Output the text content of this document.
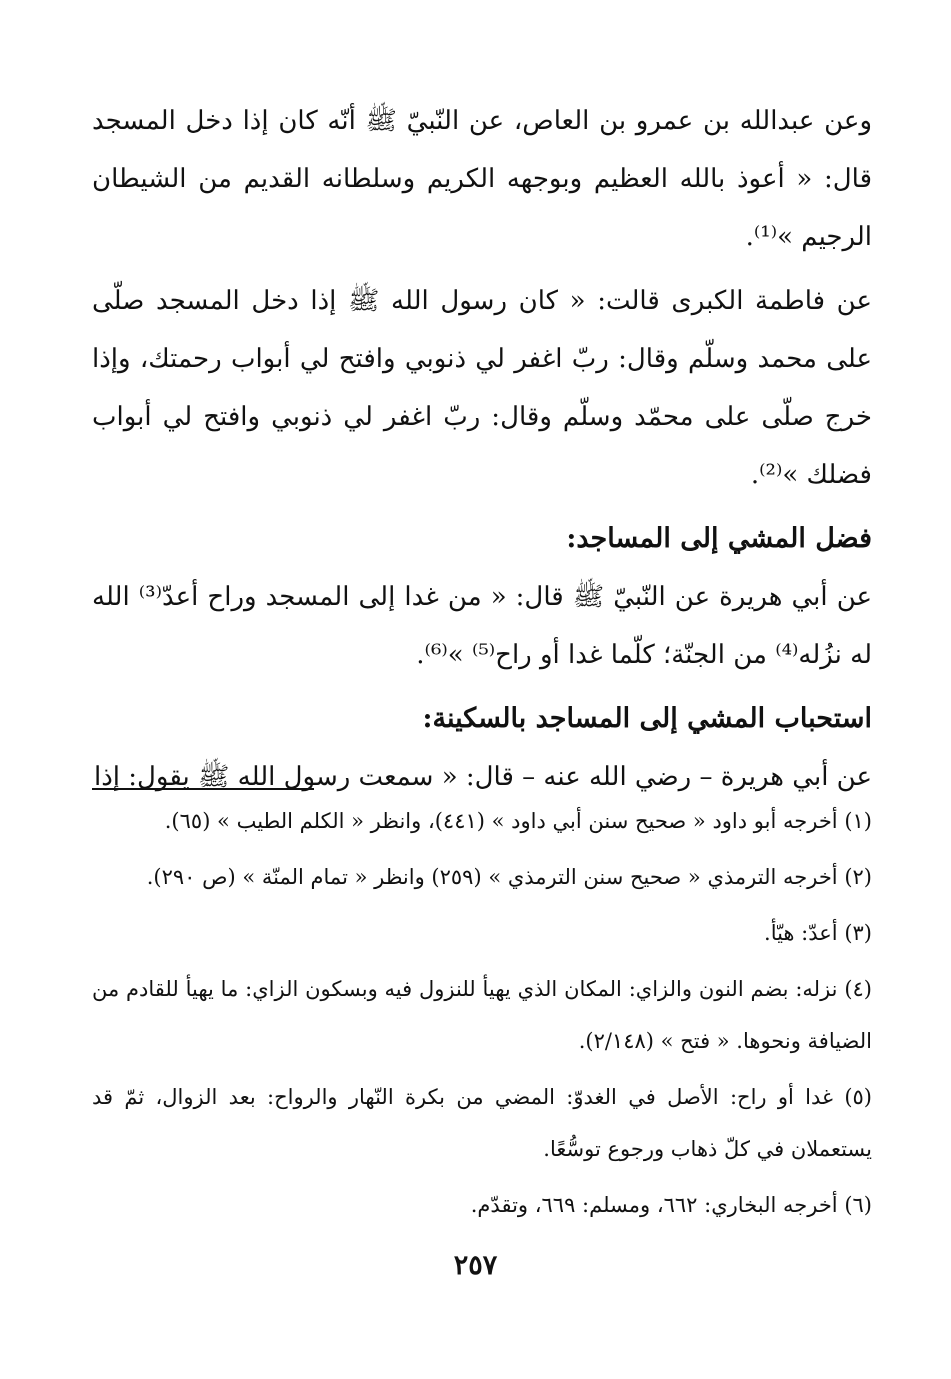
وعن عبدالله بن عمرو بن العاص، عن النّبيّ ﷺ أنّه كان إذا دخل المسجد قال: « أعوذ بالله العظيم وبوجهه الكريم وسلطانه القديم من الشيطان الرجيم »⁽¹⁾.

عن فاطمة الكبرى قالت: « كان رسول الله ﷺ إذا دخل المسجد صلّى على محمد وسلّم وقال: ربّ اغفر لي ذنوبي وافتح لي أبواب رحمتك، وإذا خرج صلّى على محمّد وسلّم وقال: ربّ اغفر لي ذنوبي وافتح لي أبواب فضلك »⁽²⁾.

فضل المشي إلى المساجد:

عن أبي هريرة عن النّبيّ ﷺ قال: « من غدا إلى المسجد وراح أعدّ⁽³⁾ الله له نزُله⁽⁴⁾ من الجنّة؛ كلّما غدا أو راح⁽⁵⁾ »⁽⁶⁾.

استحباب المشي إلى المساجد بالسكينة:

عن أبي هريرة – رضي الله عنه – قال: « سمعت رسول الله ﷺ يقول: إذا

(١) أخرجه أبو داود « صحيح سنن أبي داود » (٤٤١)، وانظر « الكلم الطيب » (٦٥).

(٢) أخرجه الترمذي « صحيح سنن الترمذي » (٢٥٩) وانظر « تمام المنّة » (ص ٢٩٠).

(٣) أعدّ: هيّأ.

(٤) نزله: بضم النون والزاي: المكان الذي يهيأ للنزول فيه وبسكون الزاي: ما يهيأ للقادم من الضيافة ونحوها. « فتح » (٢/١٤٨).

(٥) غدا أو راح: الأصل في الغدوّ: المضي من بكرة النّهار والرواح: بعد الزوال، ثمّ قد يستعملان في كلّ ذهاب ورجوع توسُّعًا.

(٦) أخرجه البخاري: ٦٦٢، ومسلم: ٦٦٩، وتقدّم.

٢٥٧
